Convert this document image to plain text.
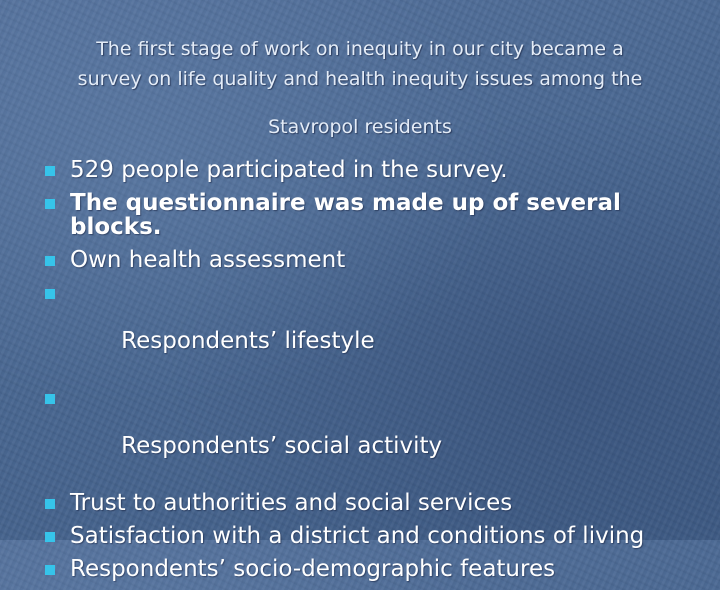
The first stage of work on inequity in our city became a
survey on life quality and health inequity issues among the
Stavropol residents
529 people participated in the survey.
The questionnaire was made up of several blocks.
Own health assessment

Respondents’ lifestyle

Respondents’ social activity

Trust to authorities and social services
Satisfaction with a district and conditions of living
Respondents’ socio-demographic features
